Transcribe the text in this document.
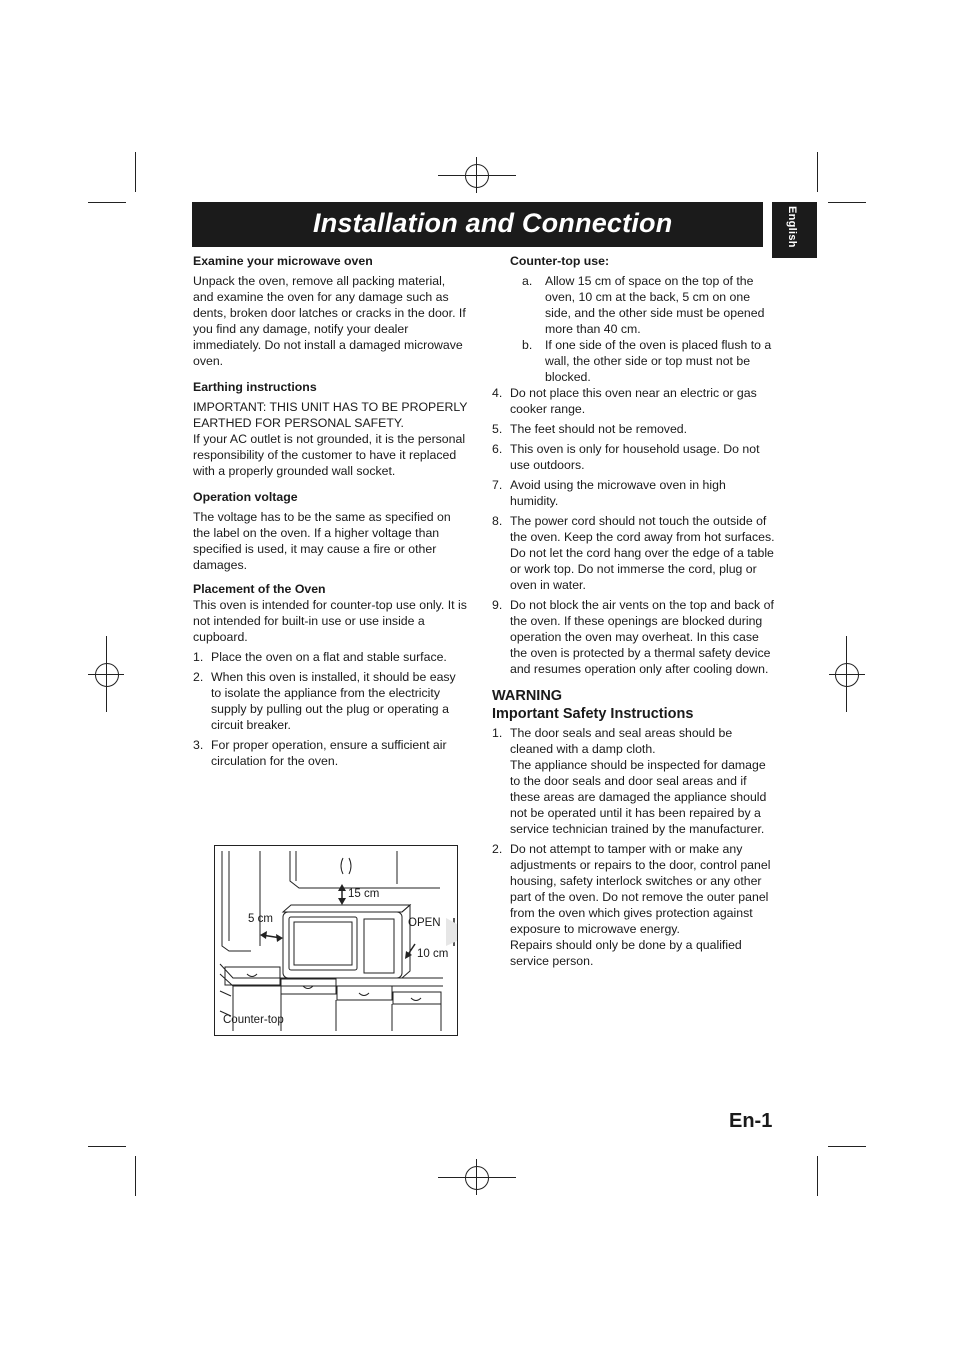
Installation and Connection	English

Examine your microwave oven

Unpack the oven, remove all packing material, and examine the oven for any damage such as dents, broken door latches or cracks in the door. If you find any damage, notify your dealer immediately. Do not install a damaged microwave oven.

Earthing instructions

IMPORTANT: THIS UNIT HAS TO BE PROPERLY EARTHED FOR PERSONAL SAFETY.

If your AC outlet is not grounded, it is the personal responsibility of the customer to have it replaced with a properly grounded wall socket.

Operation voltage

The voltage has to be the same as specified on the label on the oven. If a higher voltage than specified is used, it may cause a fire or other damages.

Placement of the Oven

This oven is intended for counter-top use only. It is not intended for built-in use or use inside a cupboard.

1. Place the oven on a flat and stable surface.
2. When this oven is installed, it should be easy to isolate the appliance from the electricity supply by pulling out the plug or operating a circuit breaker.
3. For proper operation, ensure a sufficient air circulation for the oven.
15 cm
5 cm	OPEN
10 cm
Counter-top

Counter-top use:

a. Allow 15 cm of space on the top of the oven, 10 cm at the back, 5 cm on one side, and the other side must be opened more than 40 cm.
b. If one side of the oven is placed flush to a wall, the other side or top must not be blocked.
4. Do not place this oven near an electric or gas cooker range.
5. The feet should not be removed.
6. This oven is only for household usage. Do not use outdoors.
7. Avoid using the microwave oven in high humidity.
8. The power cord should not touch the outside of the oven. Keep the cord away from hot surfaces. Do not let the cord hang over the edge of a table or work top. Do not immerse the cord, plug or oven in water.
9. Do not block the air vents on the top and back of the oven. If these openings are blocked during operation the oven may overheat. In this case the oven is protected by a thermal safety device and resumes operation only after cooling down.

WARNING

Important Safety Instructions

1. The door seals and seal areas should be cleaned with a damp cloth.
The appliance should be inspected for damage to the door seals and door seal areas and if these areas are damaged the appliance should not be operated until it has been repaired by a service technician trained by the manufacturer.
2. Do not attempt to tamper with or make any adjustments or repairs to the door, control panel housing, safety interlock switches or any other part of the oven. Do not remove the outer panel from the oven which gives protection against exposure to microwave energy.
Repairs should only be done by a qualified service person.
En-1
